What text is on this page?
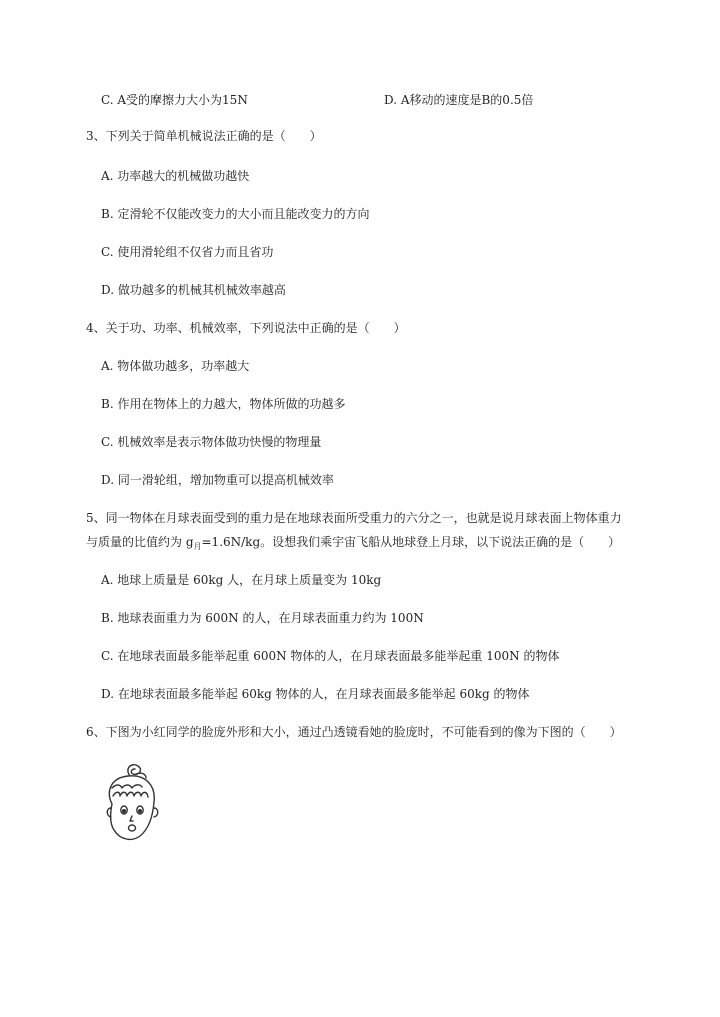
C. A受的摩擦力大小为15N	D. A移动的速度是B的0.5倍
3、下列关于简单机械说法正确的是（　　）
A. 功率越大的机械做功越快
B. 定滑轮不仅能改变力的大小而且能改变力的方向
C. 使用滑轮组不仅省力而且省功
D. 做功越多的机械其机械效率越高
4、关于功、功率、机械效率，下列说法中正确的是（　　）
A. 物体做功越多，功率越大
B. 作用在物体上的力越大，物体所做的功越多
C. 机械效率是表示物体做功快慢的物理量
D. 同一滑轮组，增加物重可以提高机械效率
5、同一物体在月球表面受到的重力是在地球表面所受重力的六分之一，也就是说月球表面上物体重力
与质量的比值约为 $g_月=1.6N/kg$。设想我们乘宇宙飞船从地球登上月球，以下说法正确的是（　　）
A. 地球上质量是 60kg 人，在月球上质量变为 10kg
B. 地球表面重力为 600N 的人，在月球表面重力约为 100N
C. 在地球表面最多能举起重 600N 物体的人，在月球表面最多能举起重 100N 的物体
D. 在地球表面最多能举起 60kg 物体的人，在月球表面最多能举起 60kg 的物体
6、下图为小红同学的脸庞外形和大小，通过凸透镜看她的脸庞时，不可能看到的像为下图的（　　）
